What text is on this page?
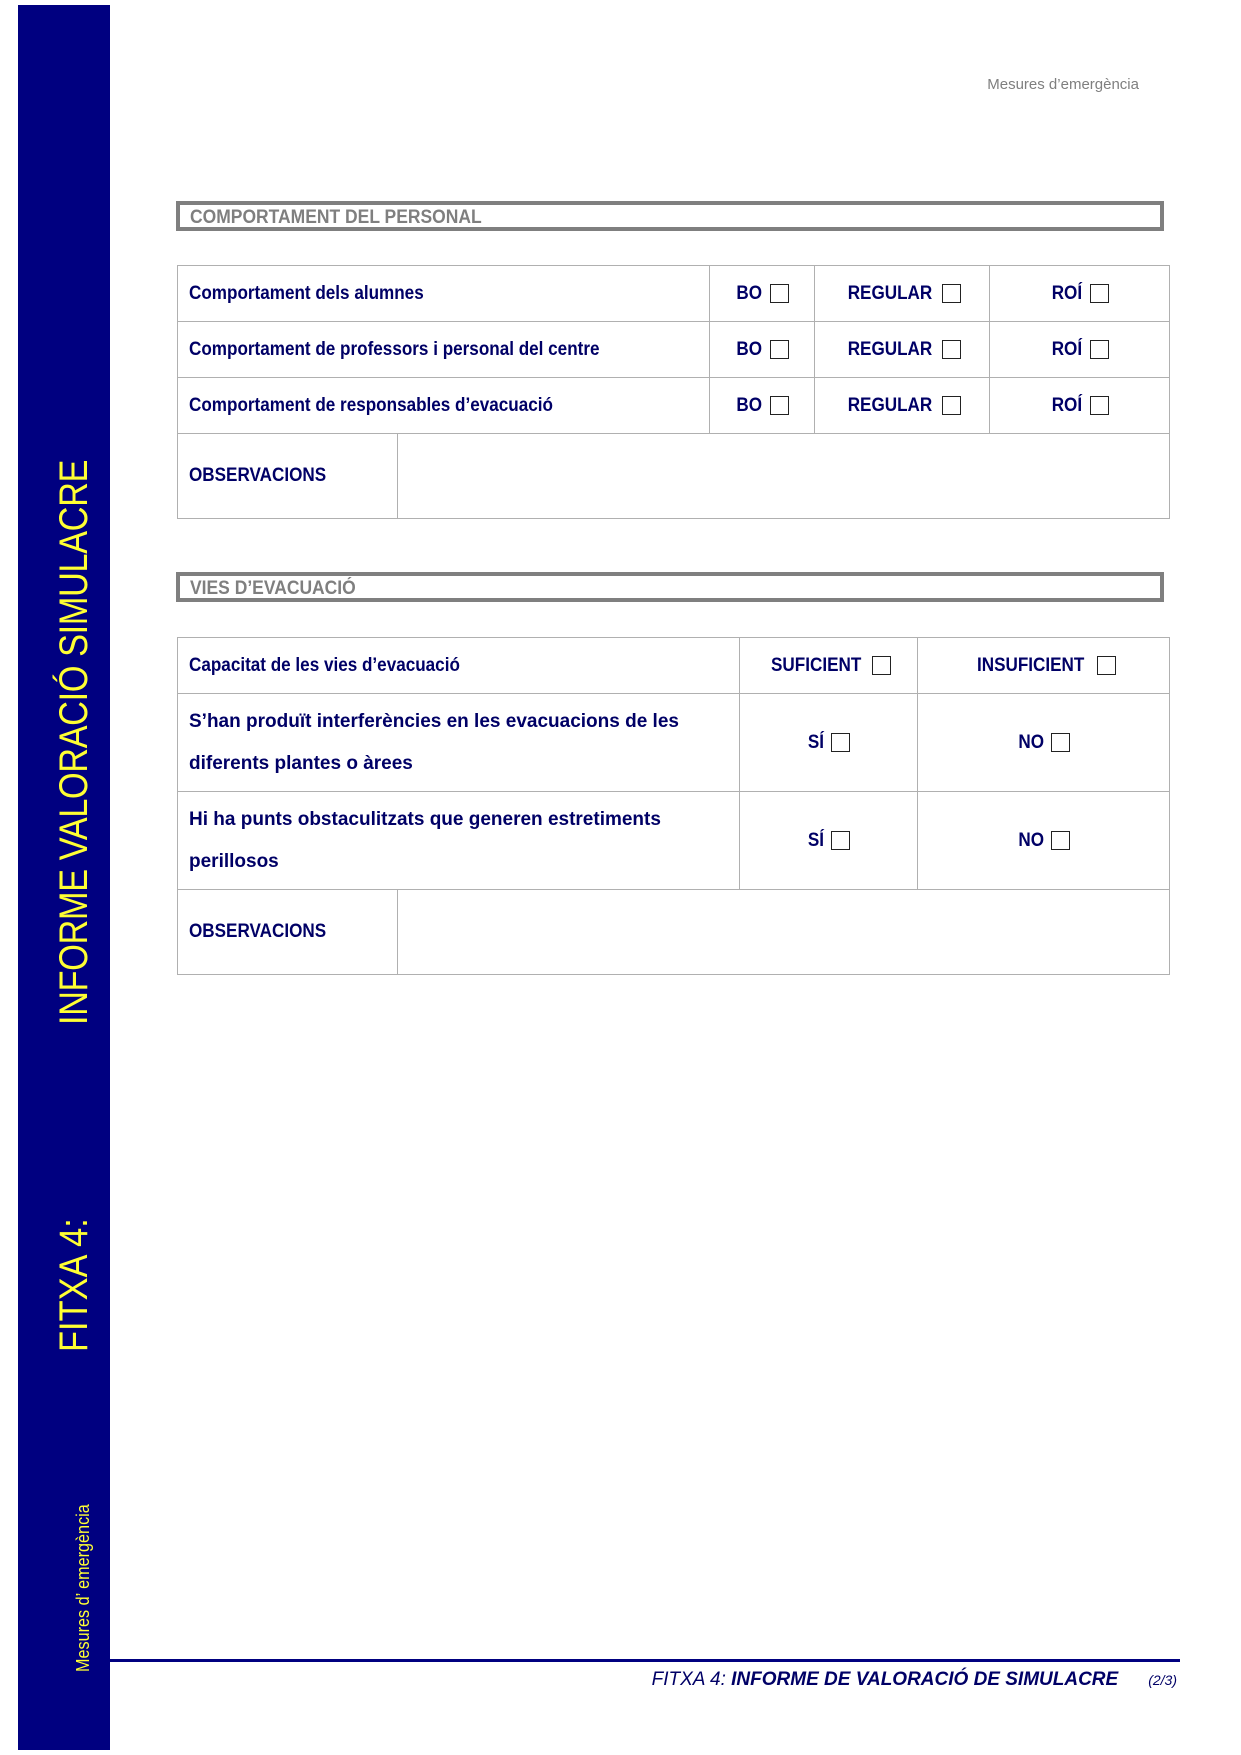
INFORME VALORACIÓ SIMULACRE
FITXA 4:
Mesures d’ emergència
Mesures d’emergència
COMPORTAMENT DEL PERSONAL
Comportament dels alumnes		BO	REGULAR	ROÍ

Comportament de professors i personal del centre		BO	REGULAR	ROÍ

Comportament de responsables d’evacuació		BO	REGULAR	ROÍ

OBSERVACIONS				
VIES D’EVACUACIÓ
Capacitat de les vies d’evacuació		SUFICIENT	INSUFICIENT

S’han produït interferències en les evacuacions de les diferents plantes o àrees		SÍ	NO

Hi ha punts obstaculitzats que generen estretiments perillosos		SÍ	NO

OBSERVACIONS			
FITXA 4: INFORME DE VALORACIÓ DE SIMULACRE (2/3)
